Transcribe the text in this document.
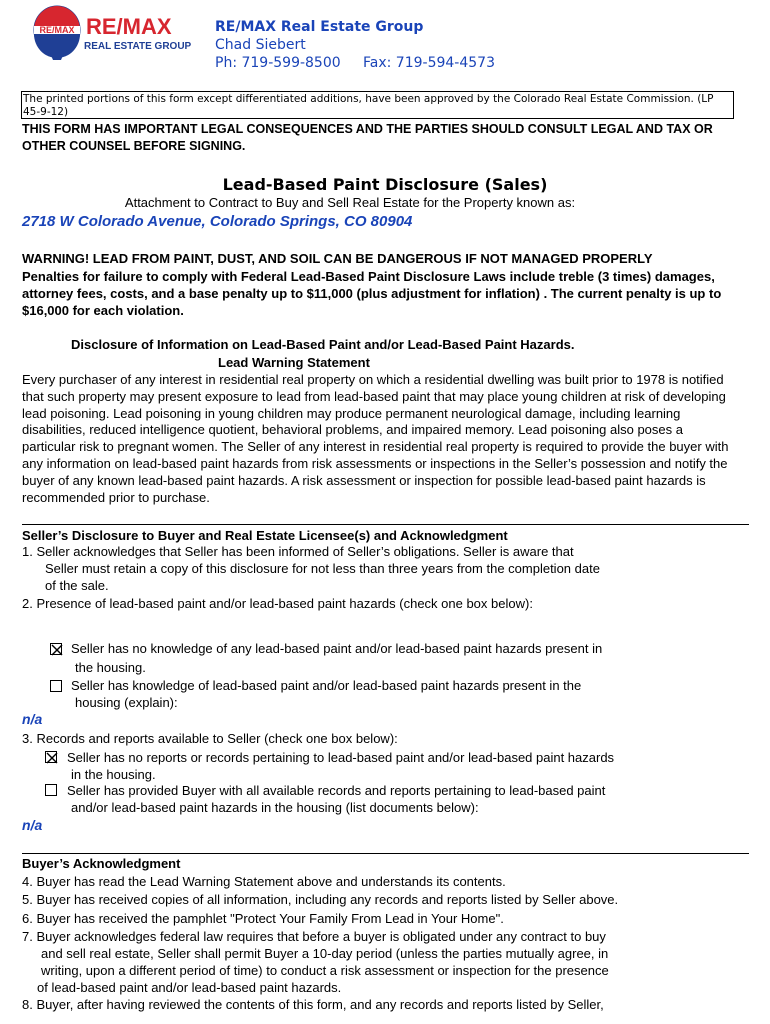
RE/MAX RE/MAX
REAL ESTATE GROUP
RE/MAX Real Estate Group
Chad Siebert
Ph: 719-599-8500 Fax: 719-594-4573
The printed portions of this form except differentiated additions, have been approved by the Colorado Real Estate Commission. (LP 45-9-12)
THIS FORM HAS IMPORTANT LEGAL CONSEQUENCES AND THE PARTIES SHOULD CONSULT LEGAL AND TAX OR OTHER COUNSEL BEFORE SIGNING.
Lead-Based Paint Disclosure (Sales)
Attachment to Contract to Buy and Sell Real Estate for the Property known as:
2718 W Colorado Avenue, Colorado Springs, CO 80904
WARNING! LEAD FROM PAINT, DUST, AND SOIL CAN BE DANGEROUS IF NOT MANAGED PROPERLY
Penalties for failure to comply with Federal Lead-Based Paint Disclosure Laws include treble (3 times) damages, attorney fees, costs, and a base penalty up to $11,000 (plus adjustment for inflation) . The current penalty is up to $16,000 for each violation.
Disclosure of Information on Lead-Based Paint and/or Lead-Based Paint Hazards.
Lead Warning Statement
Every purchaser of any interest in residential real property on which a residential dwelling was built prior to 1978 is notified that such property may present exposure to lead from lead-based paint that may place young children at risk of developing lead poisoning. Lead poisoning in young children may produce permanent neurological damage, including learning disabilities, reduced intelligence quotient, behavioral problems, and impaired memory. Lead poisoning also poses a particular risk to pregnant women. The Seller of any interest in residential real property is required to provide the buyer with any information on lead-based paint hazards from risk assessments or inspections in the Seller’s possession and notify the buyer of any known lead-based paint hazards. A risk assessment or inspection for possible lead-based paint hazards is recommended prior to purchase.
Seller’s Disclosure to Buyer and Real Estate Licensee(s) and Acknowledgment
1. Seller acknowledges that Seller has been informed of Seller’s obligations. Seller is aware that
Seller must retain a copy of this disclosure for not less than three years from the completion date
of the sale.
2. Presence of lead-based paint and/or lead-based paint hazards (check one box below):
Seller has no knowledge of any lead-based paint and/or lead-based paint hazards present in
the housing.
Seller has knowledge of lead-based paint and/or lead-based paint hazards present in the
housing (explain):
n/a
3. Records and reports available to Seller (check one box below):
Seller has no reports or records pertaining to lead-based paint and/or lead-based paint hazards
in the housing.
Seller has provided Buyer with all available records and reports pertaining to lead-based paint
and/or lead-based paint hazards in the housing (list documents below):
n/a
Buyer’s Acknowledgment
4. Buyer has read the Lead Warning Statement above and understands its contents.
5. Buyer has received copies of all information, including any records and reports listed by Seller above.
6. Buyer has received the pamphlet "Protect Your Family From Lead in Your Home".
7. Buyer acknowledges federal law requires that before a buyer is obligated under any contract to buy
and sell real estate, Seller shall permit Buyer a 10-day period (unless the parties mutually agree, in
writing, upon a different period of time) to conduct a risk assessment or inspection for the presence
of lead-based paint and/or lead-based paint hazards.
8. Buyer, after having reviewed the contents of this form, and any records and reports listed by Seller,
